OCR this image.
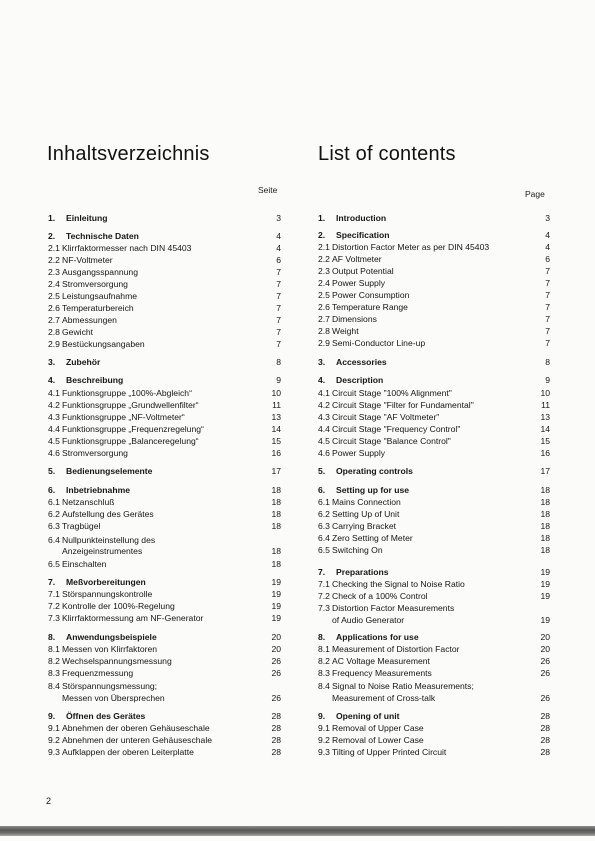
Inhaltsverzeichnis	List of contents
Seite	Page
1. Einleitung	3
2. Technische Daten	4
2.1 Klirrfaktormesser nach DIN 45403	4
2.2 NF-Voltmeter	6
2.3 Ausgangsspannung	7
2.4 Stromversorgung	7
2.5 Leistungsaufnahme	7
2.6 Temperaturbereich	7
2.7 Abmessungen	7
2.8 Gewicht	7
2.9 Bestückungsangaben	7
3. Zubehör	8
4. Beschreibung	9
4.1 Funktionsgruppe „100%-Abgleich“	10
4.2 Funktionsgruppe „Grundwellenfilter“	11
4.3 Funktionsgruppe „NF-Voltmeter“	13
4.4 Funktionsgruppe „Frequenzregelung“	14
4.5 Funktionsgruppe „Balanceregelung“	15
4.6 Stromversorgung	16
5. Bedienungselemente	17
6. Inbetriebnahme	18
6.1 Netzanschluß	18
6.2 Aufstellung des Gerätes	18
6.3 Tragbügel	18
6.4 Nullpunkteinstellung des
Anzeigeinstrumentes	18
6.5 Einschalten	18
7. Meßvorbereitungen	19
7.1 Störspannungskontrolle	19
7.2 Kontrolle der 100%-Regelung	19
7.3 Klirrfaktormessung am NF-Generator	19
8. Anwendungsbeispiele	20
8.1 Messen von Klirrfaktoren	20
8.2 Wechselspannungsmessung	26
8.3 Frequenzmessung	26
8.4 Störspannungsmessung;
Messen von Übersprechen	26
9. Öffnen des Gerätes	28
9.1 Abnehmen der oberen Gehäuseschale	28
9.2 Abnehmen der unteren Gehäuseschale	28
9.3 Aufklappen der oberen Leiterplatte	28
1. Introduction	3
2. Specification	4
2.1 Distortion Factor Meter as per DIN 45403	4
2.2 AF Voltmeter	6
2.3 Output Potential	7
2.4 Power Supply	7
2.5 Power Consumption	7
2.6 Temperature Range	7
2.7 Dimensions	7
2.8 Weight	7
2.9 Semi-Conductor Line-up	7
3. Accessories	8
4. Description	9
4.1 Circuit Stage "100% Alignment"	10
4.2 Circuit Stage "Filter for Fundamental"	11
4.3 Circuit Stage "AF Voltmeter"	13
4.4 Circuit Stage "Frequency Control"	14
4.5 Circuit Stage "Balance Control"	15
4.6 Power Supply	16
5. Operating controls	17
6. Setting up for use	18
6.1 Mains Connection	18
6.2 Setting Up of Unit	18
6.3 Carrying Bracket	18
6.4 Zero Setting of Meter	18
6.5 Switching On	18
7. Preparations	19
7.1 Checking the Signal to Noise Ratio	19
7.2 Check of a 100% Control	19
7.3 Distortion Factor Measurements
of Audio Generator	19
8. Applications for use	20
8.1 Measurement of Distortion Factor	20
8.2 AC Voltage Measurement	26
8.3 Frequency Measurements	26
8.4 Signal to Noise Ratio Measurements;
Measurement of Cross-talk	26
9. Opening of unit	28
9.1 Removal of Upper Case	28
9.2 Removal of Lower Case	28
9.3 Tilting of Upper Printed Circuit	28
2
